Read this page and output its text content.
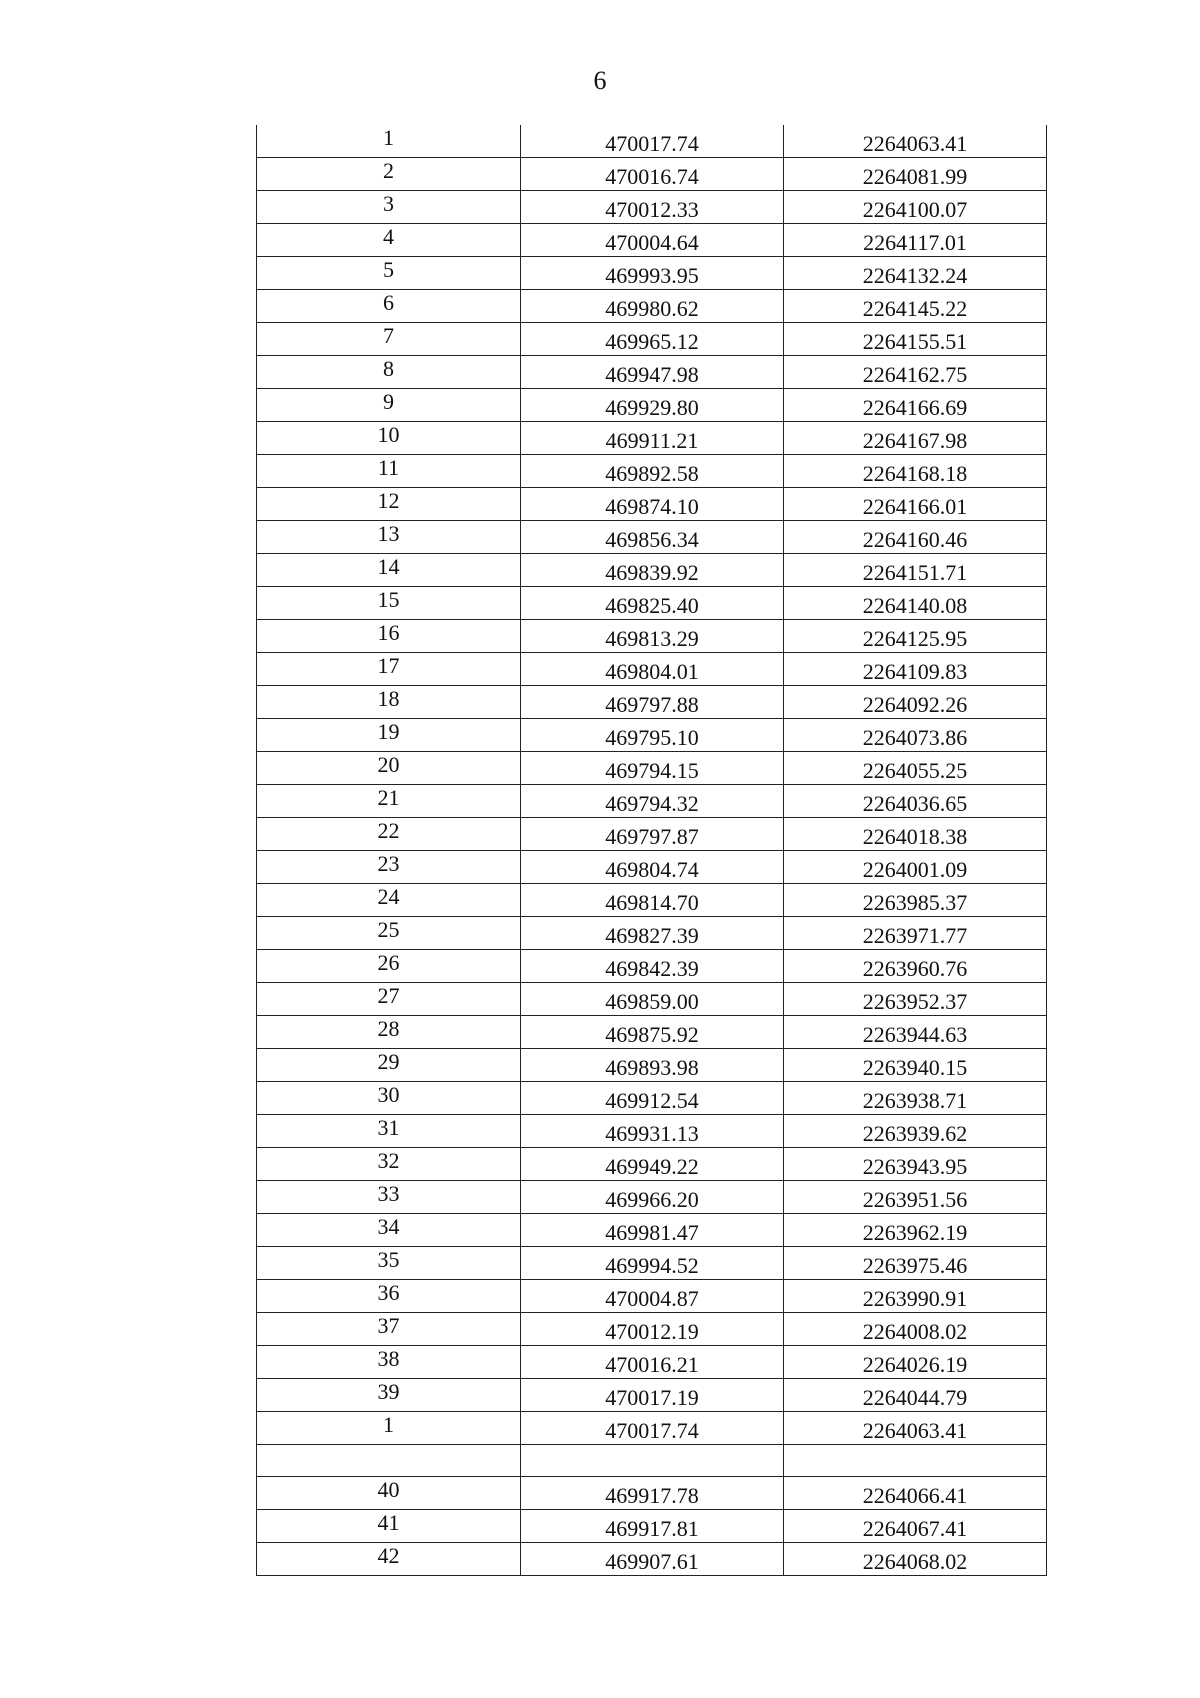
6
1	470017.74	2264063.41
2	470016.74	2264081.99
3	470012.33	2264100.07
4	470004.64	2264117.01
5	469993.95	2264132.24
6	469980.62	2264145.22
7	469965.12	2264155.51
8	469947.98	2264162.75
9	469929.80	2264166.69
10	469911.21	2264167.98
11	469892.58	2264168.18
12	469874.10	2264166.01
13	469856.34	2264160.46
14	469839.92	2264151.71
15	469825.40	2264140.08
16	469813.29	2264125.95
17	469804.01	2264109.83
18	469797.88	2264092.26
19	469795.10	2264073.86
20	469794.15	2264055.25
21	469794.32	2264036.65
22	469797.87	2264018.38
23	469804.74	2264001.09
24	469814.70	2263985.37
25	469827.39	2263971.77
26	469842.39	2263960.76
27	469859.00	2263952.37
28	469875.92	2263944.63
29	469893.98	2263940.15
30	469912.54	2263938.71
31	469931.13	2263939.62
32	469949.22	2263943.95
33	469966.20	2263951.56
34	469981.47	2263962.19
35	469994.52	2263975.46
36	470004.87	2263990.91
37	470012.19	2264008.02
38	470016.21	2264026.19
39	470017.19	2264044.79
1	470017.74	2264063.41

40	469917.78	2264066.41
41	469917.81	2264067.41
42	469907.61	2264068.02
